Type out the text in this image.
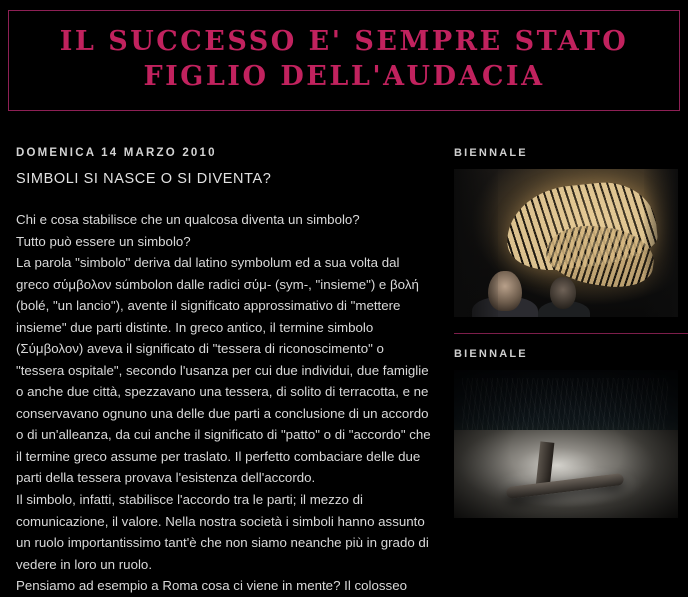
IL SUCCESSO E' SEMPRE STATO
FIGLIO DELL'AUDACIA
DOMENICA 14 MARZO 2010
SIMBOLI SI NASCE O SI DIVENTA?

Chi e cosa stabilisce che un qualcosa diventa un simbolo?

Tutto può essere un simbolo?

La parola "simbolo" deriva dal latino symbolum ed a sua volta dal greco σύμβολον súmbolon dalle radici σύμ- (sym-, "insieme") e βολή (bolé, "un lancio"), avente il significato approssimativo di "mettere insieme" due parti distinte. In greco antico, il termine simbolo (Σύμβολον) aveva il significato di "tessera di riconoscimento" o "tessera ospitale", secondo l'usanza per cui due individui, due famiglie o anche due città, spezzavano una tessera, di solito di terracotta, e ne conservavano ognuno una delle due parti a conclusione di un accordo o di un'alleanza, da cui anche il significato di "patto" o di "accordo" che il termine greco assume per traslato. Il perfetto combaciare delle due parti della tessera provava l'esistenza dell'accordo.

Il simbolo, infatti, stabilisce l'accordo tra le parti; il mezzo di comunicazione, il valore. Nella nostra società i simboli hanno assunto un ruolo importantissimo tant'è che non siamo neanche più in grado di vedere in loro un ruolo.

Pensiamo ad esempio a Roma cosa ci viene in mente? Il colosseo

BIENNALE
BIENNALE
